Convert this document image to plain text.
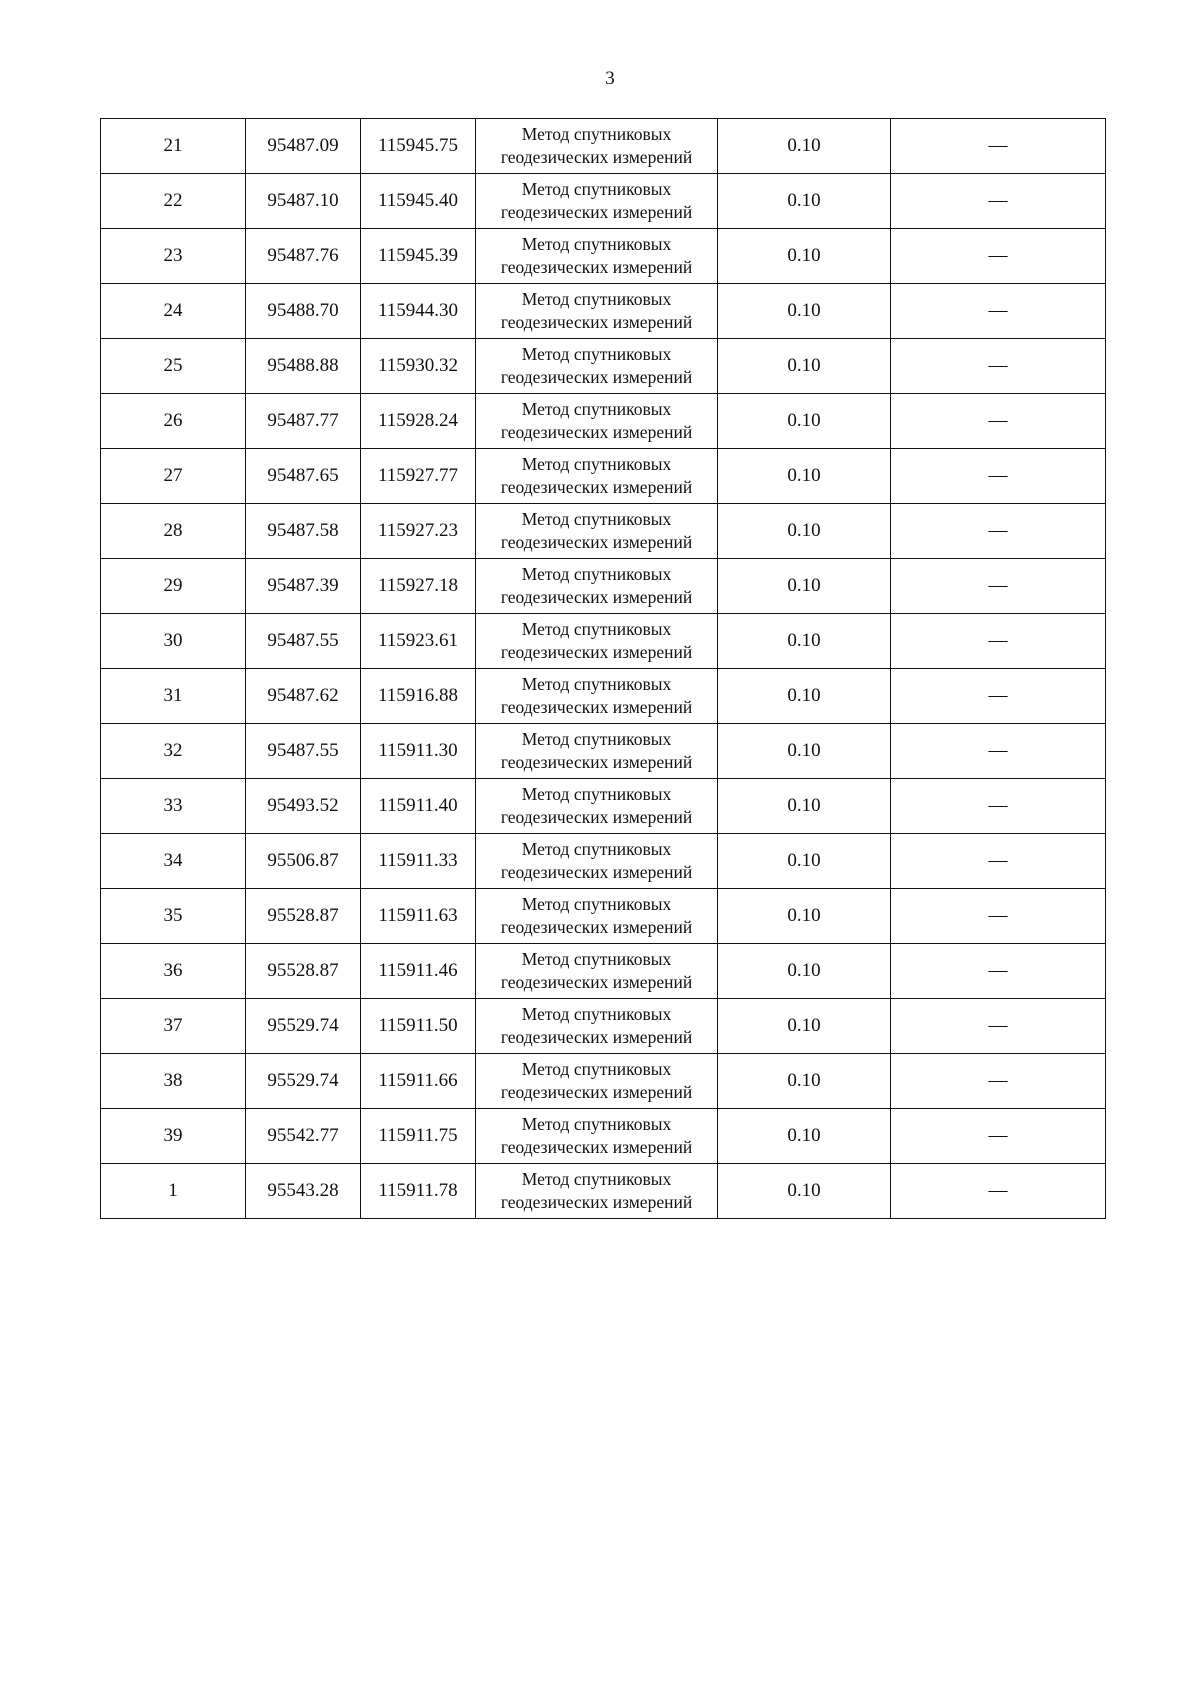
3
21	95487.09	115945.75	Метод спутниковых
геодезических измерений	0.10	—
22	95487.10	115945.40	Метод спутниковых
геодезических измерений	0.10	—
23	95487.76	115945.39	Метод спутниковых
геодезических измерений	0.10	—
24	95488.70	115944.30	Метод спутниковых
геодезических измерений	0.10	—
25	95488.88	115930.32	Метод спутниковых
геодезических измерений	0.10	—
26	95487.77	115928.24	Метод спутниковых
геодезических измерений	0.10	—
27	95487.65	115927.77	Метод спутниковых
геодезических измерений	0.10	—
28	95487.58	115927.23	Метод спутниковых
геодезических измерений	0.10	—
29	95487.39	115927.18	Метод спутниковых
геодезических измерений	0.10	—
30	95487.55	115923.61	Метод спутниковых
геодезических измерений	0.10	—
31	95487.62	115916.88	Метод спутниковых
геодезических измерений	0.10	—
32	95487.55	115911.30	Метод спутниковых
геодезических измерений	0.10	—
33	95493.52	115911.40	Метод спутниковых
геодезических измерений	0.10	—
34	95506.87	115911.33	Метод спутниковых
геодезических измерений	0.10	—
35	95528.87	115911.63	Метод спутниковых
геодезических измерений	0.10	—
36	95528.87	115911.46	Метод спутниковых
геодезических измерений	0.10	—
37	95529.74	115911.50	Метод спутниковых
геодезических измерений	0.10	—
38	95529.74	115911.66	Метод спутниковых
геодезических измерений	0.10	—
39	95542.77	115911.75	Метод спутниковых
геодезических измерений	0.10	—
1	95543.28	115911.78	Метод спутниковых
геодезических измерений	0.10	—
